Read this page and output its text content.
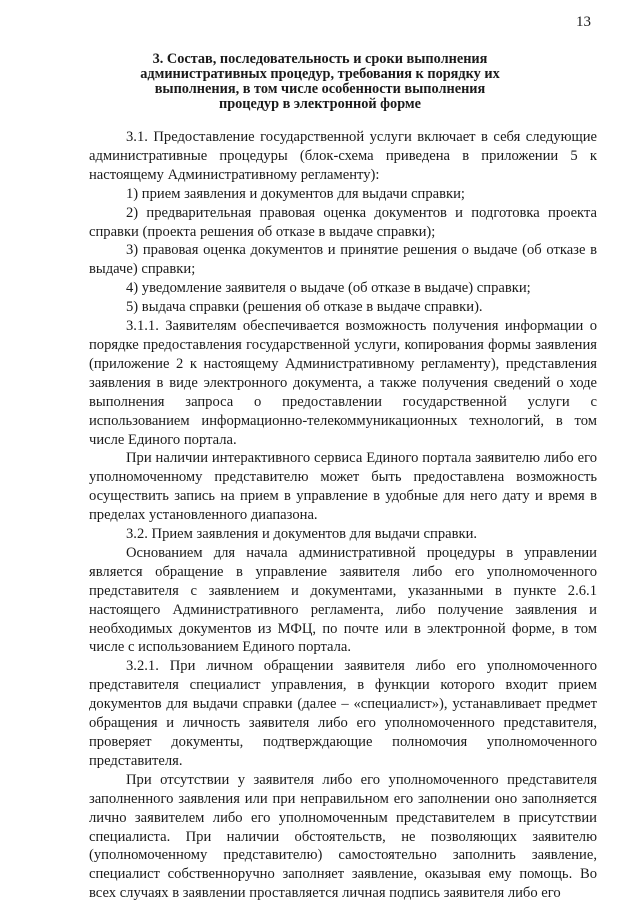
13
3. Состав, последовательность и сроки выполнения
административных процедур, требования к порядку их
выполнения, в том числе особенности выполнения
процедур в электронной форме

3.1. Предоставление государственной услуги включает в себя следующие административные процедуры (блок-схема приведена в приложении 5 к настоящему Административному регламенту):

1) прием заявления и документов для выдачи справки;

2) предварительная правовая оценка документов и подготовка проекта справки (проекта решения об отказе в выдаче справки);

3) правовая оценка документов и принятие решения о выдаче (об отказе в выдаче) справки;

4) уведомление заявителя о выдаче (об отказе в выдаче) справки;

5) выдача справки (решения об отказе в выдаче справки).

3.1.1. Заявителям обеспечивается возможность получения информации о порядке предоставления государственной услуги, копирования формы заявления (приложение 2 к настоящему Административному регламенту), представления заявления в виде электронного документа, а также получения сведений о ходе выполнения запроса о предоставлении государственной услуги с использованием информационно-телекоммуникационных технологий, в том числе Единого портала.

При наличии интерактивного сервиса Единого портала заявителю либо его уполномоченному представителю может быть предоставлена возможность осуществить запись на прием в управление в удобные для него дату и время в пределах установленного диапазона.

3.2. Прием заявления и документов для выдачи справки.

Основанием для начала административной процедуры в управлении является обращение в управление заявителя либо его уполномоченного представителя с заявлением и документами, указанными в пункте 2.6.1 настоящего Административного регламента, либо получение заявления и необходимых документов из МФЦ, по почте или в электронной форме, в том числе с использованием Единого портала.

3.2.1. При личном обращении заявителя либо его уполномоченного представителя специалист управления, в функции которого входит прием документов для выдачи справки (далее – «специалист»), устанавливает предмет обращения и личность заявителя либо его уполномоченного представителя, проверяет документы, подтверждающие полномочия уполномоченного представителя.

При отсутствии у заявителя либо его уполномоченного представителя заполненного заявления или при неправильном его заполнении оно заполняется лично заявителем либо его уполномоченным представителем в присутствии специалиста. При наличии обстоятельств, не позволяющих заявителю (уполномоченному представителю) самостоятельно заполнить заявление, специалист собственноручно заполняет заявление, оказывая ему помощь. Во всех случаях в заявлении проставляется личная подпись заявителя либо его
